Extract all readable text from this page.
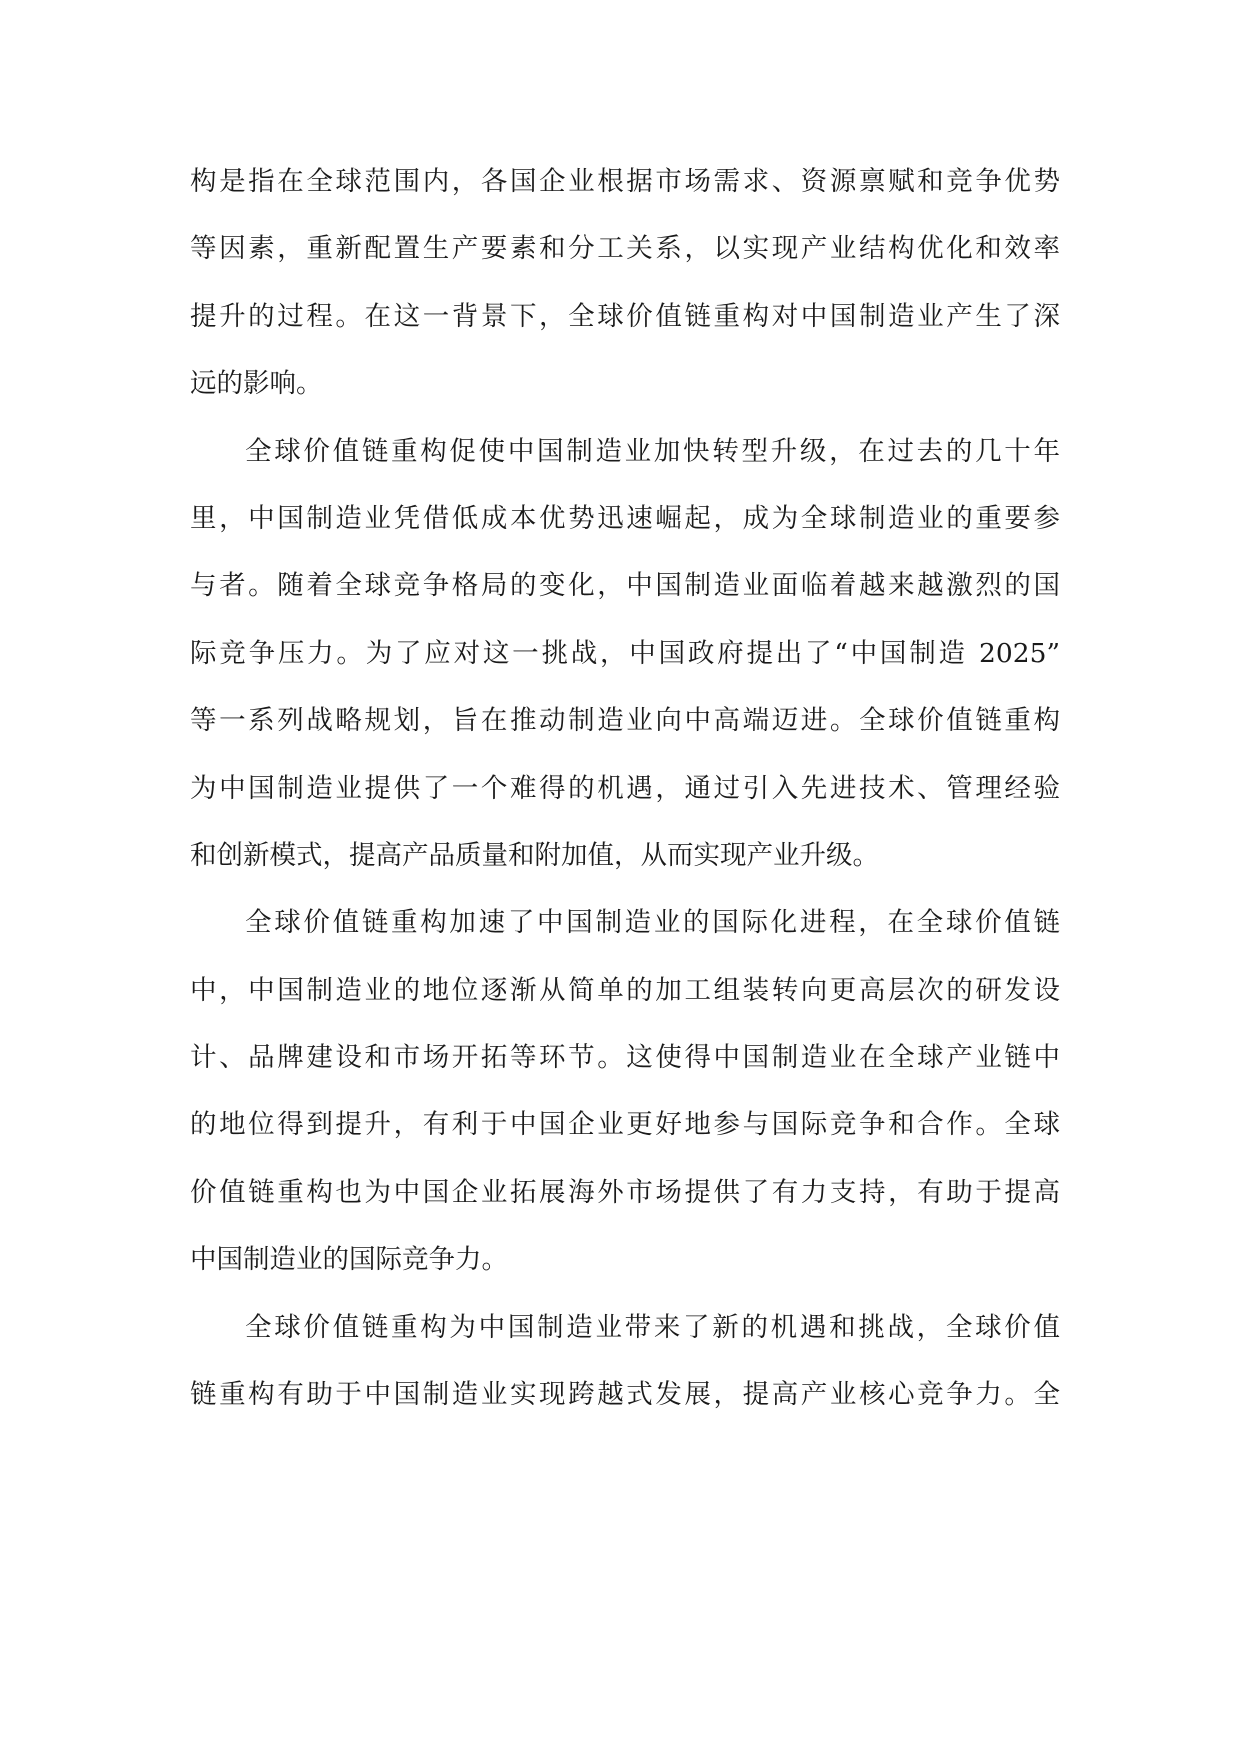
构是指在全球范围内，各国企业根据市场需求、资源禀赋和竞争优势
等因素，重新配置生产要素和分工关系，以实现产业结构优化和效率
提升的过程。在这一背景下，全球价值链重构对中国制造业产生了深
远的影响。
全球价值链重构促使中国制造业加快转型升级，在过去的几十年
里，中国制造业凭借低成本优势迅速崛起，成为全球制造业的重要参
与者。随着全球竞争格局的变化，中国制造业面临着越来越激烈的国
际竞争压力。为了应对这一挑战，中国政府提出了“中国制造 2025”
等一系列战略规划，旨在推动制造业向中高端迈进。全球价值链重构
为中国制造业提供了一个难得的机遇，通过引入先进技术、管理经验
和创新模式，提高产品质量和附加值，从而实现产业升级。
全球价值链重构加速了中国制造业的国际化进程，在全球价值链
中，中国制造业的地位逐渐从简单的加工组装转向更高层次的研发设
计、品牌建设和市场开拓等环节。这使得中国制造业在全球产业链中
的地位得到提升，有利于中国企业更好地参与国际竞争和合作。全球
价值链重构也为中国企业拓展海外市场提供了有力支持，有助于提高
中国制造业的国际竞争力。
全球价值链重构为中国制造业带来了新的机遇和挑战，全球价值
链重构有助于中国制造业实现跨越式发展，提高产业核心竞争力。全
